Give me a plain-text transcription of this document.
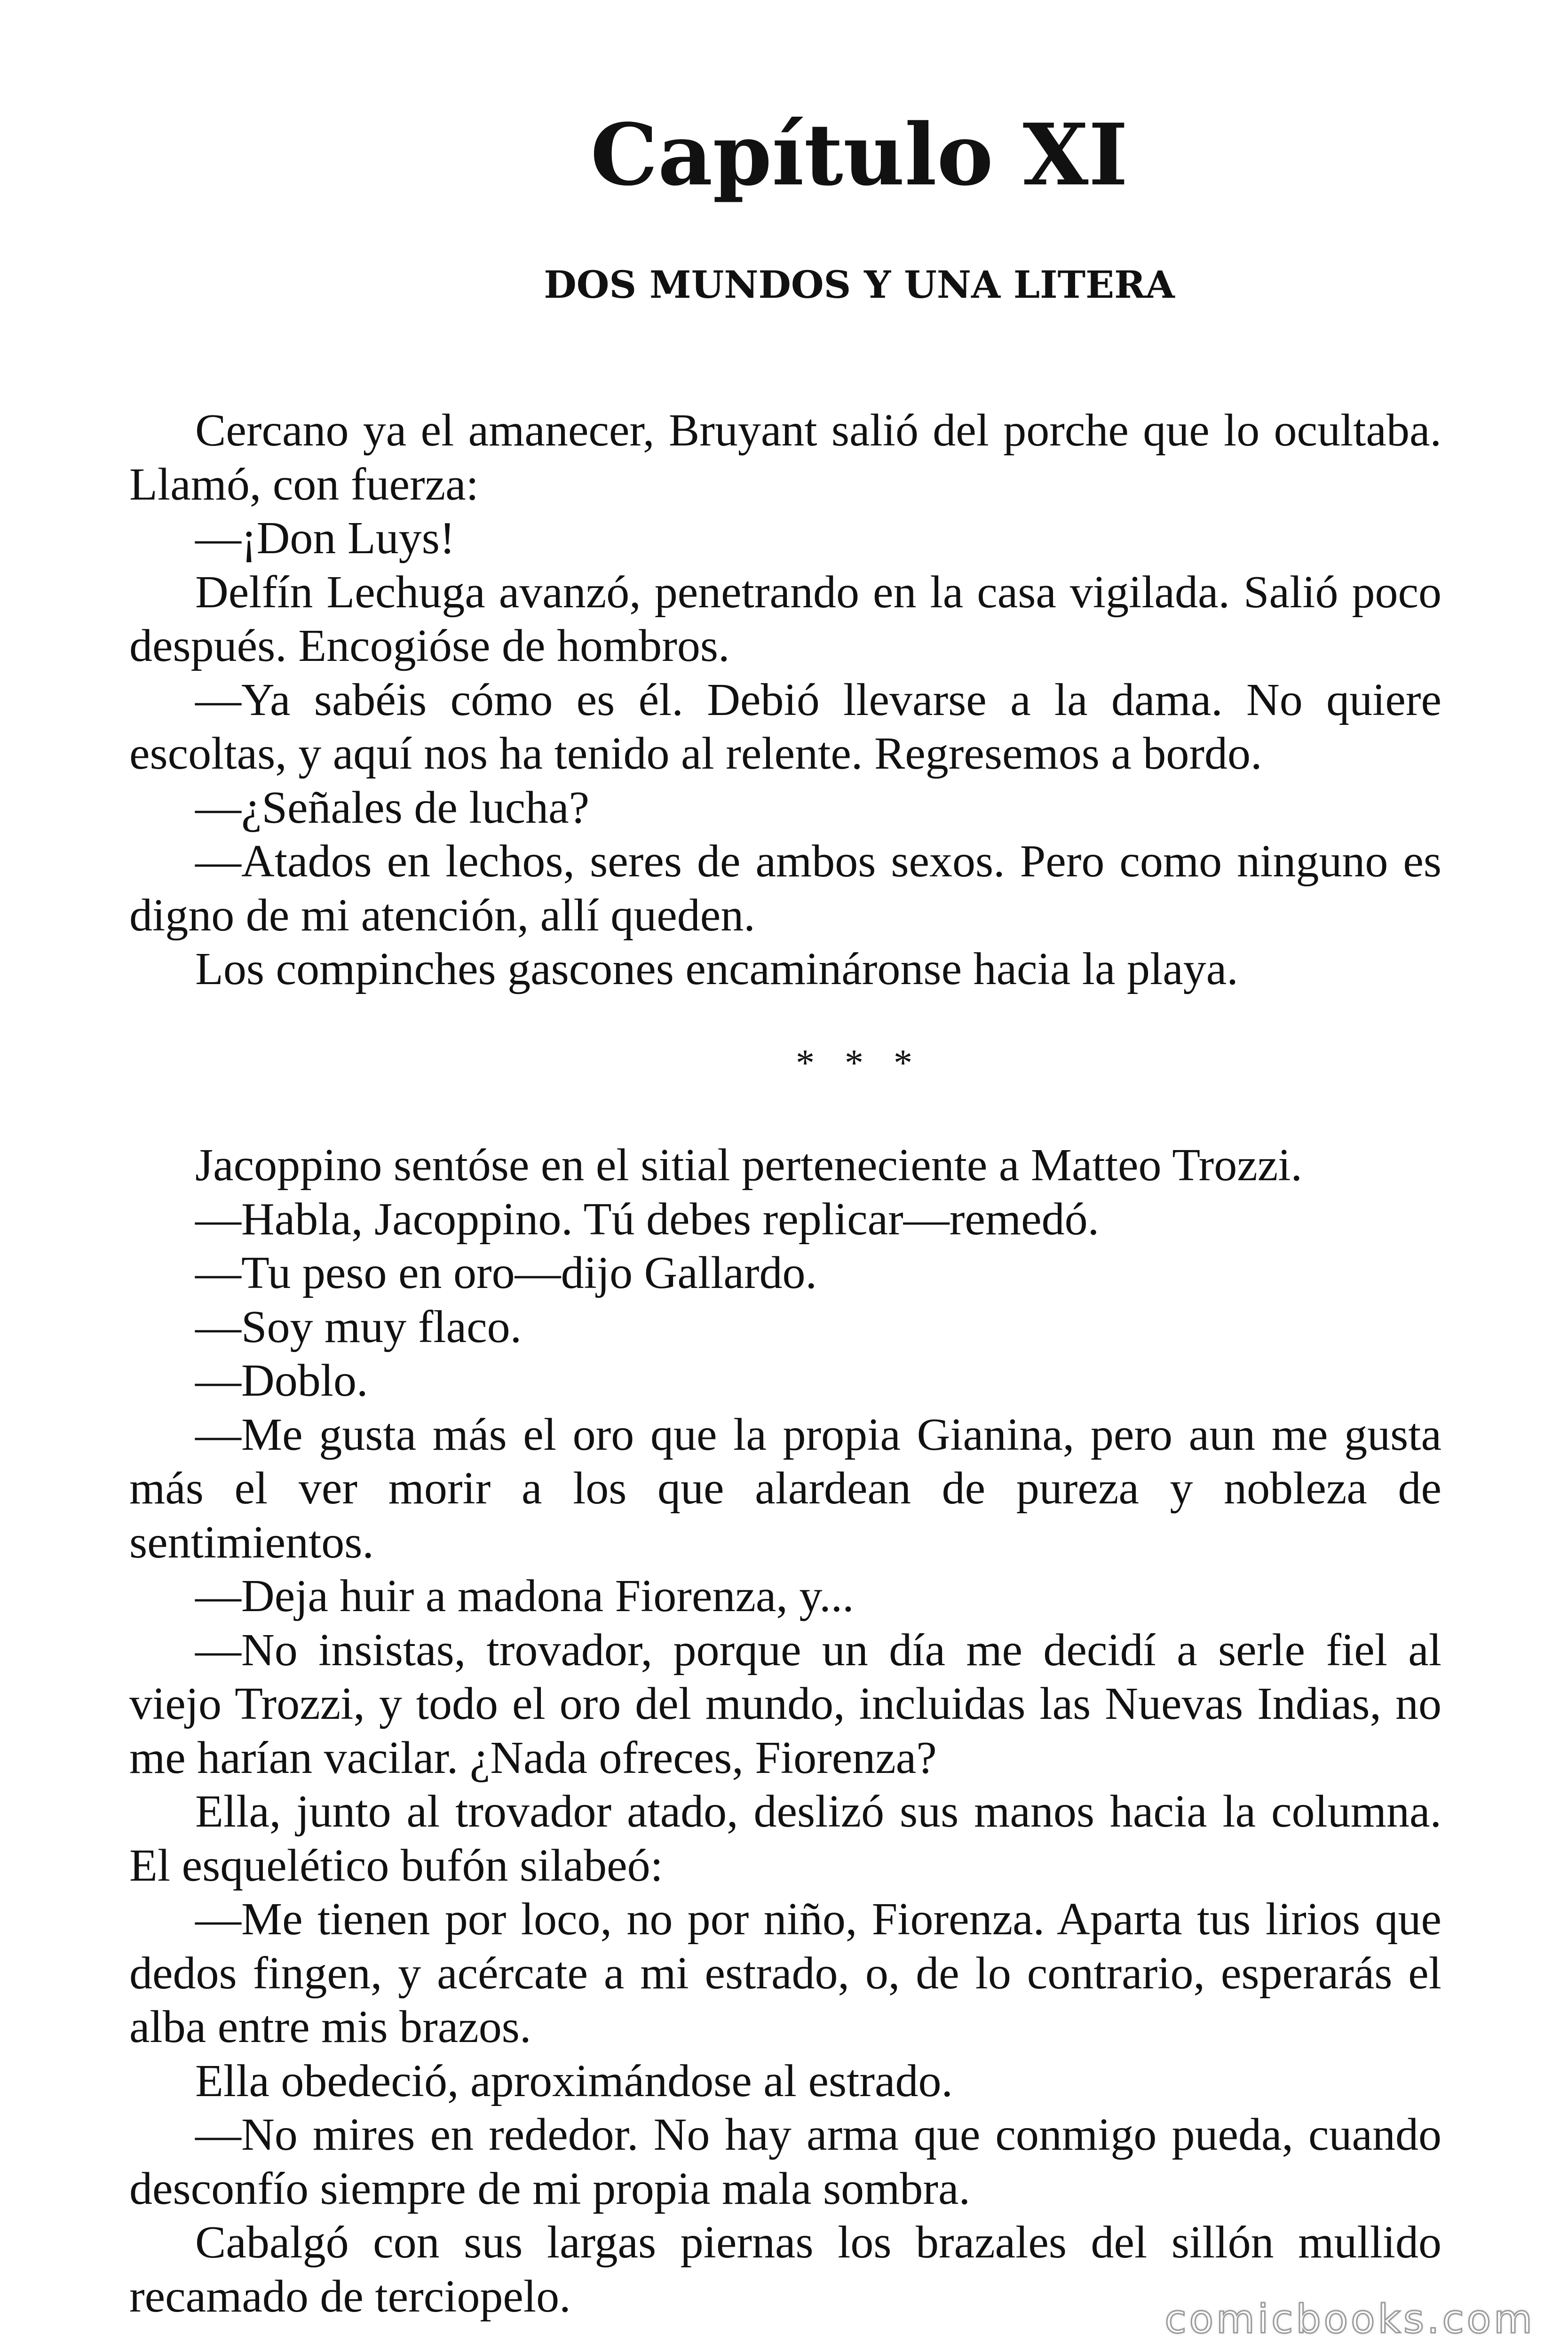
Capítulo XI
DOS MUNDOS Y UNA LITERA

Cercano ya el amanecer, Bruyant salió del porche que lo ocultaba. Llamó, con fuerza:

—¡Don Luys!

Delfín Lechuga avanzó, penetrando en la casa vigilada. Salió poco después. Encogióse de hombros.

—Ya sabéis cómo es él. Debió llevarse a la dama. No quiere escoltas, y aquí nos ha tenido al relente. Regresemos a bordo.

—¿Señales de lucha?

—Atados en lechos, seres de ambos sexos. Pero como ninguno es digno de mi atención, allí queden.

Los compinches gascones encamináronse hacia la playa.

* * *

Jacoppino sentóse en el sitial perteneciente a Matteo Trozzi.

—Habla, Jacoppino. Tú debes replicar—remedó.

—Tu peso en oro—dijo Gallardo.

—Soy muy flaco.

—Doblo.

—Me gusta más el oro que la propia Gianina, pero aun me gusta más el ver morir a los que alardean de pureza y nobleza de sentimientos.

—Deja huir a madona Fiorenza, y...

—No insistas, trovador, porque un día me decidí a serle fiel al viejo Trozzi, y todo el oro del mundo, incluidas las Nuevas Indias, no me harían vacilar. ¿Nada ofreces, Fiorenza?

Ella, junto al trovador atado, deslizó sus manos hacia la columna. El esquelético bufón silabeó:

—Me tienen por loco, no por niño, Fiorenza. Aparta tus lirios que dedos fingen, y acércate a mi estrado, o, de lo contrario, esperarás el alba entre mis brazos.

Ella obedeció, aproximándose al estrado.

—No mires en rededor. No hay arma que conmigo pueda, cuando desconfío siempre de mi propia mala sombra.

Cabalgó con sus largas piernas los brazales del sillón mullido recamado de terciopelo.	comicbooks.com
